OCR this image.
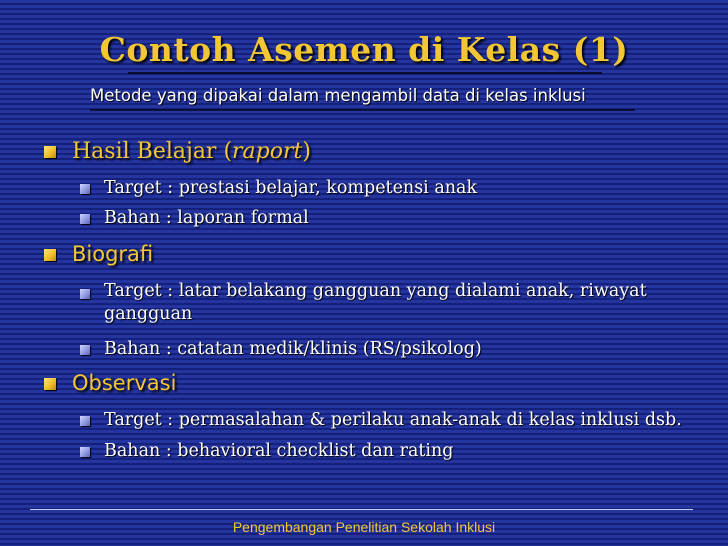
Contoh Asemen di Kelas (1)
Metode yang dipakai dalam mengambil data di kelas inklusi
Hasil Belajar (raport)
Target : prestasi belajar, kompetensi anak
Bahan : laporan formal
Biografi
Target : latar belakang gangguan yang dialami anak, riwayat gangguan
Bahan : catatan medik/klinis (RS/psikolog)
Observasi
Target : permasalahan & perilaku anak-anak di kelas inklusi dsb.
Bahan : behavioral checklist dan rating
Pengembangan Penelitian Sekolah Inklusi
